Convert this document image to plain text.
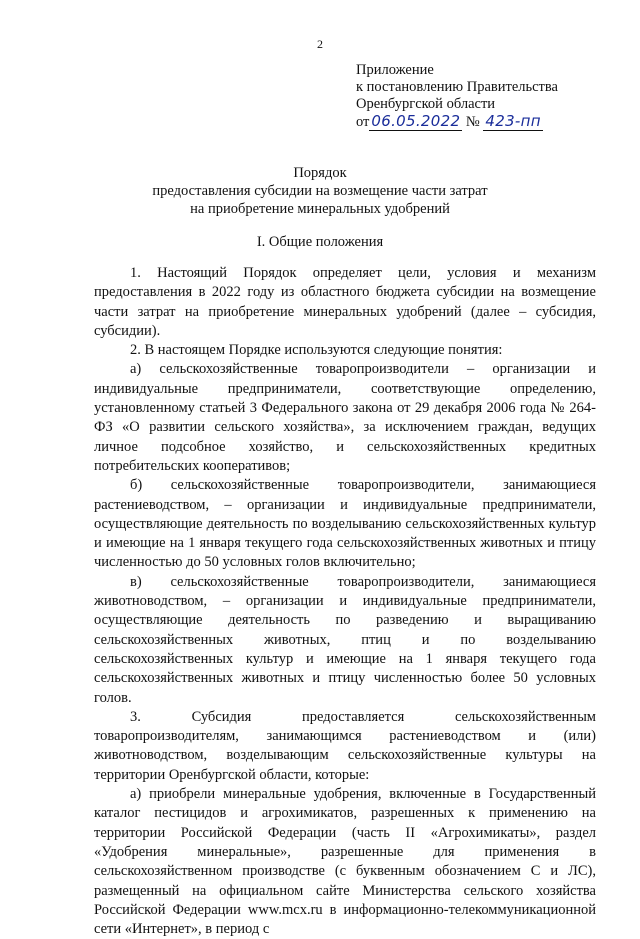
2
Приложение
к постановлению Правительства
Оренбургской области
от 06.05.2022 № 423-пп
Порядок
предоставления субсидии на возмещение части затрат
на приобретение минеральных удобрений
I. Общие положения

1. Настоящий Порядок определяет цели, условия и механизм предоставления в 2022 году из областного бюджета субсидии на возмещение части затрат на приобретение минеральных удобрений (далее – субсидия, субсидии).

2. В настоящем Порядке используются следующие понятия:

а) сельскохозяйственные товаропроизводители – организации и индивидуальные предприниматели, соответствующие определению, установленному статьей 3 Федерального закона от 29 декабря 2006 года № 264-ФЗ «О развитии сельского хозяйства», за исключением граждан, ведущих личное подсобное хозяйство, и сельскохозяйственных кредитных потребительских кооперативов;

б) сельскохозяйственные товаропроизводители, занимающиеся растениеводством, – организации и индивидуальные предприниматели, осуществляющие деятельность по возделыванию сельскохозяйственных культур и имеющие на 1 января текущего года сельскохозяйственных животных и птицу численностью до 50 условных голов включительно;

в) сельскохозяйственные товаропроизводители, занимающиеся животноводством, – организации и индивидуальные предприниматели, осуществляющие деятельность по разведению и выращиванию сельскохозяйственных животных, птиц и по возделыванию сельскохозяйственных культур и имеющие на 1 января текущего года сельскохозяйственных животных и птицу численностью более 50 условных голов.

3. Субсидия предоставляется сельскохозяйственным товаропроизводителям, занимающимся растениеводством и (или) животноводством, возделывающим сельскохозяйственные культуры на территории Оренбургской области, которые:

а) приобрели минеральные удобрения, включенные в Государственный каталог пестицидов и агрохимикатов, разрешенных к применению на территории Российской Федерации (часть II «Агрохимикаты», раздел «Удобрения минеральные», разрешенные для применения в сельскохозяйственном производстве (с буквенным обозначением С и ЛС), размещенный на официальном сайте Министерства сельского хозяйства Российской Федерации www.mcx.ru в информационно-телекоммуникационной сети «Интернет», в период с
